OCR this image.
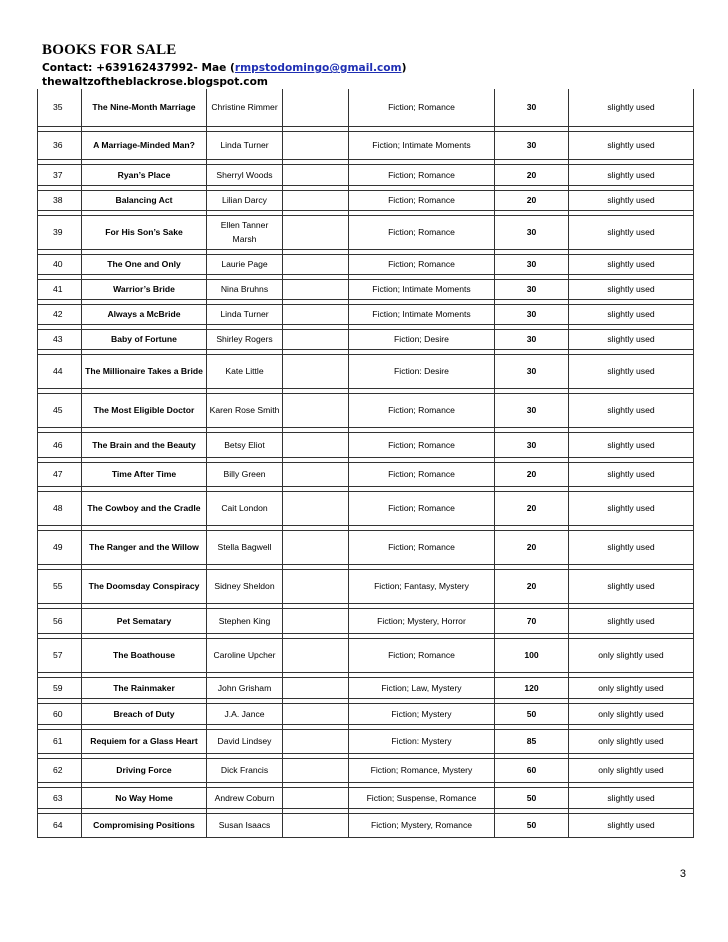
BOOKS FOR SALE
Contact: +639162437992- Mae (rmpstodomingo@gmail.com)
thewaltzoftheblackrose.blogspot.com
35	The Nine-Month Marriage	Christine Rimmer		Fiction; Romance	30	slightly used

36	A Marriage-Minded Man?	Linda Turner		Fiction; Intimate Moments	30	slightly used

37	Ryan’s Place	Sherryl Woods		Fiction; Romance	20	slightly used

38	Balancing Act	Lilian Darcy		Fiction; Romance	20	slightly used

39	For His Son’s Sake	Ellen Tanner Marsh		Fiction; Romance	30	slightly used

40	The One and Only	Laurie Page		Fiction; Romance	30	slightly used

41	Warrior’s Bride	Nina Bruhns		Fiction; Intimate Moments	30	slightly used

42	Always a McBride	Linda Turner		Fiction; Intimate Moments	30	slightly used

43	Baby of Fortune	Shirley Rogers		Fiction; Desire	30	slightly used

44	The Millionaire Takes a Bride	Kate Little		Fiction: Desire	30	slightly used

45	The Most Eligible Doctor	Karen Rose Smith		Fiction; Romance	30	slightly used

46	The Brain and the Beauty	Betsy Eliot		Fiction; Romance	30	slightly used

47	Time After Time	Billy Green		Fiction; Romance	20	slightly used

48	The Cowboy and the Cradle	Cait London		Fiction; Romance	20	slightly used

49	The Ranger and the Willow	Stella Bagwell		Fiction; Romance	20	slightly used

55	The Doomsday Conspiracy	Sidney Sheldon		Fiction; Fantasy, Mystery	20	slightly used

56	Pet Sematary	Stephen King		Fiction; Mystery, Horror	70	slightly used

57	The Boathouse	Caroline Upcher		Fiction; Romance	100	only slightly used

59	The Rainmaker	John Grisham		Fiction; Law, Mystery	120	only slightly used

60	Breach of Duty	J.A. Jance		Fiction; Mystery	50	only slightly used

61	Requiem for a Glass Heart	David Lindsey		Fiction: Mystery	85	only slightly used

62	Driving Force	Dick Francis		Fiction; Romance, Mystery	60	only slightly used

63	No Way Home	Andrew Coburn		Fiction; Suspense, Romance	50	slightly used

64	Compromising Positions	Susan Isaacs		Fiction; Mystery, Romance	50	slightly used
3
